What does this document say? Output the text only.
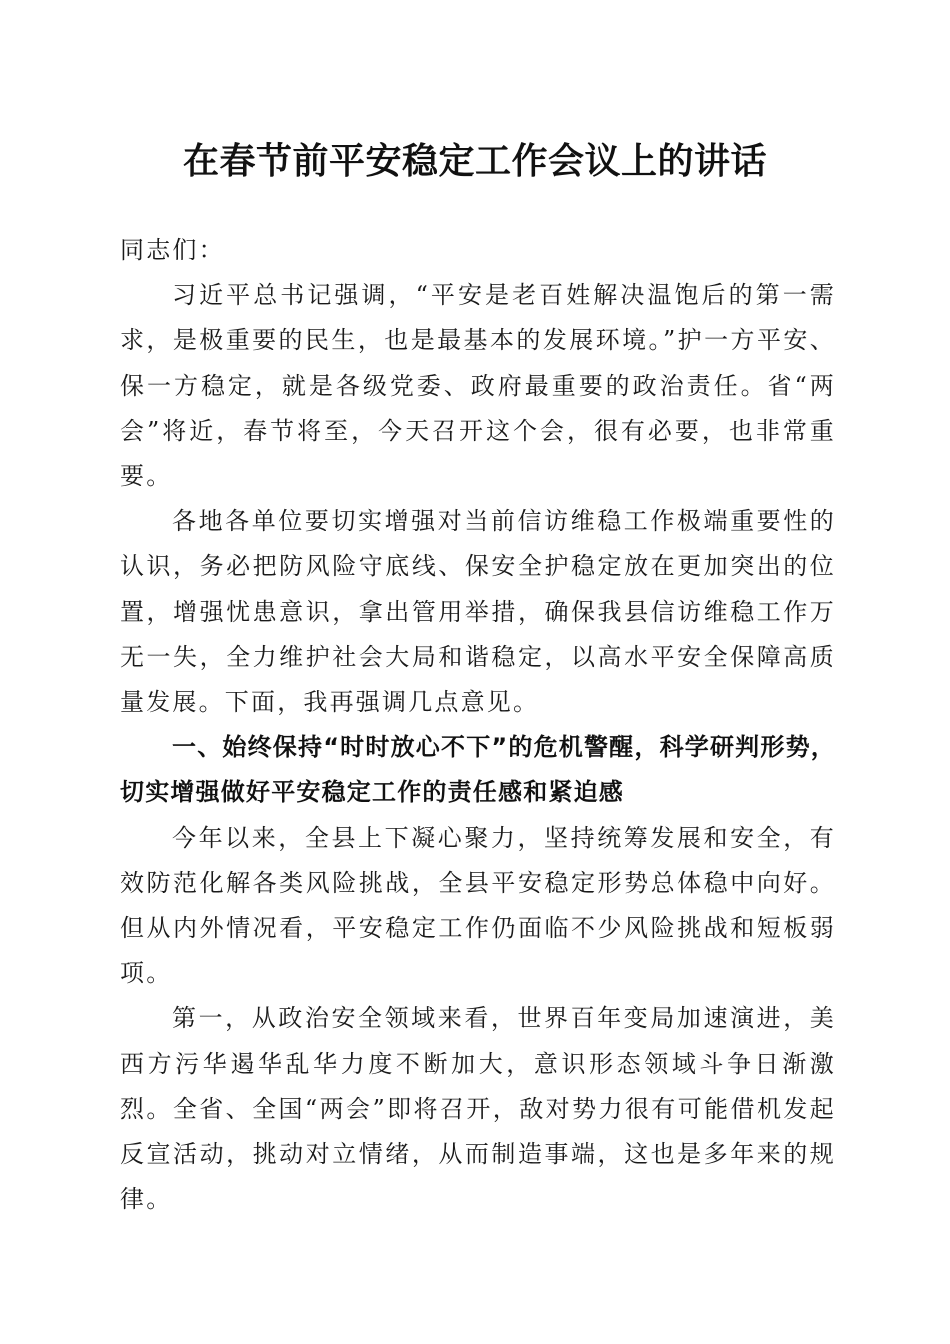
在春节前平安稳定工作会议上的讲话

同志们：

习近平总书记强调，“平安是老百姓解决温饱后的第一需求，是极重要的民生，也是最基本的发展环境。”护一方平安、保一方稳定，就是各级党委、政府最重要的政治责任。省“两会”将近，春节将至，今天召开这个会，很有必要，也非常重要。

各地各单位要切实增强对当前信访维稳工作极端重要性的认识，务必把防风险守底线、保安全护稳定放在更加突出的位置，增强忧患意识，拿出管用举措，确保我县信访维稳工作万无一失，全力维护社会大局和谐稳定，以高水平安全保障高质量发展。下面，我再强调几点意见。

一、始终保持“时时放心不下”的危机警醒，科学研判形势，切实增强做好平安稳定工作的责任感和紧迫感

今年以来，全县上下凝心聚力，坚持统筹发展和安全，有效防范化解各类风险挑战，全县平安稳定形势总体稳中向好。但从内外情况看，平安稳定工作仍面临不少风险挑战和短板弱项。

第一，从政治安全领域来看，世界百年变局加速演进，美西方污华遏华乱华力度不断加大，意识形态领域斗争日渐激烈。全省、全国“两会”即将召开，敌对势力很有可能借机发起反宣活动，挑动对立情绪，从而制造事端，这也是多年来的规律。
